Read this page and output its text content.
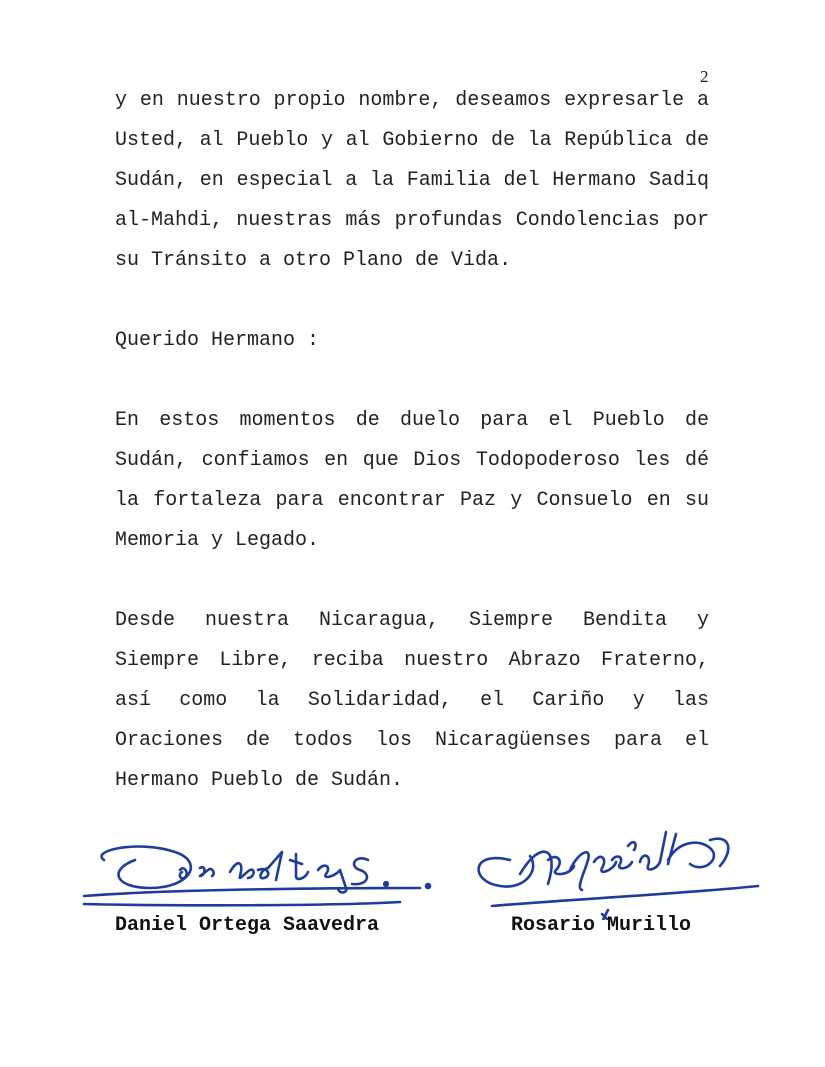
2

y en nuestro propio nombre, deseamos expresarle a Usted, al Pueblo y al Gobierno de la República de Sudán, en especial a la Familia del Hermano Sadiq al-Mahdi, nuestras más profundas Condolencias por su Tránsito a otro Plano de Vida.

Querido Hermano :

En estos momentos de duelo para el Pueblo de Sudán, confiamos en que Dios Todopoderoso les dé la fortaleza para encontrar Paz y Consuelo en su Memoria y Legado.

Desde nuestra Nicaragua, Siempre Bendita y Siempre Libre, reciba nuestro Abrazo Fraterno, así como la Solidaridad, el Cariño y las Oraciones de todos los Nicaragüenses para el Hermano Pueblo de Sudán.

Daniel Ortega Saavedra	Rosario Murillo
